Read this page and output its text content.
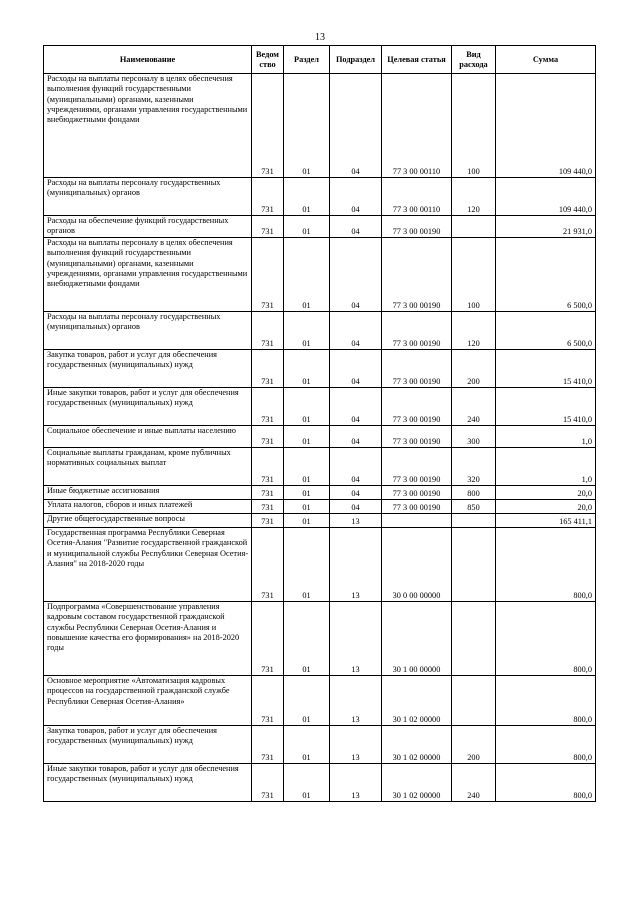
13
Наименование	Ведом ство	Раздел	Подраздел	Целевая статья	Вид расхода	Сумма
Расходы на выплаты персоналу в целях обеспечения выполнения функций государственными (муниципальными) органами, казенными учреждениями, органами управления государственными внебюджетными фондами	731	01	04	77 3 00 00110	100	109 440,0
Расходы на выплаты персоналу государственных (муниципальных) органов	731	01	04	77 3 00 00110	120	109 440,0
Расходы на обеспечение функций государственных органов	731	01	04	77 3 00 00190		21 931,0
Расходы на выплаты персоналу в целях обеспечения выполнения функций государственными (муниципальными) органами, казенными учреждениями, органами управления государственными внебюджетными фондами	731	01	04	77 3 00 00190	100	6 500,0
Расходы на выплаты персоналу государственных (муниципальных) органов	731	01	04	77 3 00 00190	120	6 500,0
Закупка товаров, работ и услуг для обеспечения государственных (муниципальных) нужд	731	01	04	77 3 00 00190	200	15 410,0
Иные закупки товаров, работ и услуг для обеспечения государственных (муниципальных) нужд	731	01	04	77 3 00 00190	240	15 410,0
Социальное обеспечение и иные выплаты населению	731	01	04	77 3 00 00190	300	1,0
Социальные выплаты гражданам, кроме публичных нормативных социальных выплат	731	01	04	77 3 00 00190	320	1,0
Иные бюджетные ассигнования	731	01	04	77 3 00 00190	800	20,0
Уплата налогов, сборов и иных платежей	731	01	04	77 3 00 00190	850	20,0
Другие общегосударственные вопросы	731	01	13			165 411,1
Государственная программа Республики Северная Осетия-Алания "Развитие государственной гражданской и муниципальной службы Республики Северная Осетия-Алания" на 2018-2020 годы	731	01	13	30 0 00 00000		800,0
Подпрограмма «Совершенствование управления кадровым составом государственной гражданской службы Республики Северная Осетия-Алания и повышение качества его формирования» на 2018-2020 годы	731	01	13	30 1 00 00000		800,0
Основное мероприятие «Автоматизация кадровых процессов на государственной гражданской службе Республики Северная Осетия-Алания»	731	01	13	30 1 02 00000		800,0
Закупка товаров, работ и услуг для обеспечения государственных (муниципальных) нужд	731	01	13	30 1 02 00000	200	800,0
Иные закупки товаров, работ и услуг для обеспечения государственных (муниципальных) нужд	731	01	13	30 1 02 00000	240	800,0
